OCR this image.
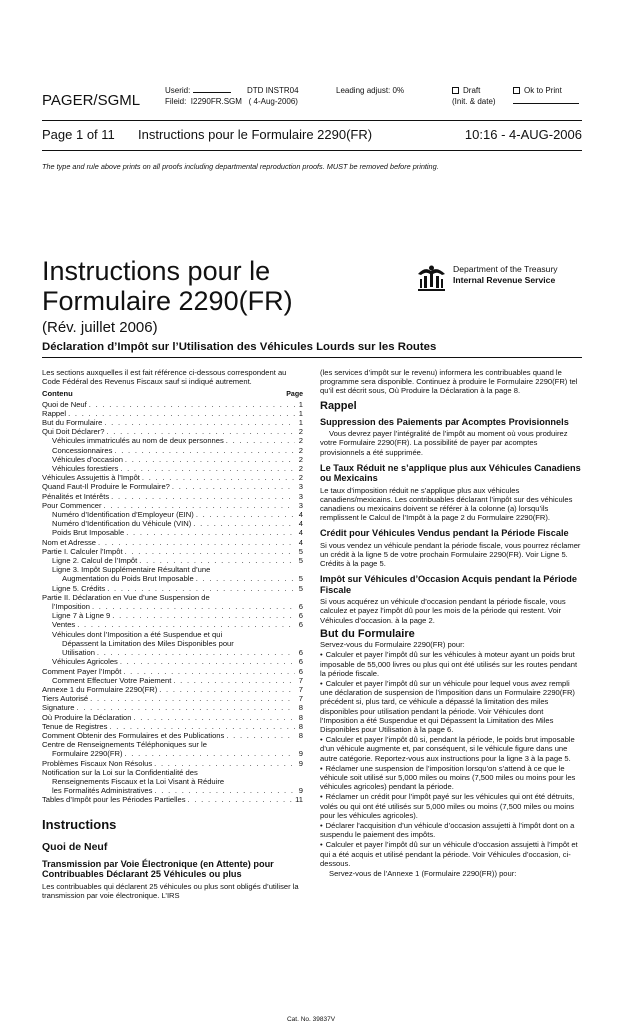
PAGER/SGML
Userid:
Fileid: I2290FR.SGM ( 4-Aug-2006)
DTD INSTR04	Leading adjust: 0%	Draft
(Init. & date)
Ok to Print
Page 1 of 11 Instructions pour le Formulaire 2290(FR)	10:16 - 4-AUG-2006
The type and rule above prints on all proofs including departmental reproduction proofs. MUST be removed before printing.
Instructions pour le
Formulaire 2290(FR)
(Rév. juillet 2006)
Déclaration d’Impôt sur l’Utilisation des Véhicules Lourds sur les Routes
Department of the Treasury
Internal Revenue Service

Les sections auxquelles il est fait référence ci-dessous correspondent au Code Fédéral des Revenus Fiscaux sauf si indiqué autrement.

Contenu	Page
Quoi de Neuf . . .	1
Rappel . . .	1
But du Formulaire . . .	1
Qui Doit Déclarer? . . .	2
Véhicules immatriculés au nom de deux personnes . . .	2
Concessionnaires . . .	2
Véhicules d’occasion . . .	2
Véhicules forestiers . . .	2
Véhicules Assujettis à l’Impôt . . .	2
Quand Faut-Il Produire le Formulaire? . . .	3
Pénalités et Intérêts . . .	3
Pour Commencer . . .	3
Numéro d’Identification d’Employeur (EIN) . . .	4
Numéro d’Identification du Véhicule (VIN) . . .	4
Poids Brut Imposable . . .	4
Nom et Adresse . . .	4
Partie I. Calculer l’Impôt . . .	5
Ligne 2. Calcul de l’Impôt . . .	5
Ligne 3. Impôt Supplémentaire Résultant d’une
Augmentation du Poids Brut Imposable . . .	5
Ligne 5. Crédits . . .	5
Partie II. Déclaration en Vue d’une Suspension de
l’Imposition . . .	6
Ligne 7 à Ligne 9 . . .	6
Ventes . . .	6
Véhicules dont l’Imposition a été Suspendue et qui
Dépassent la Limitation des Miles Disponibles pour
Utilisation . . .	6
Véhicules Agricoles . . .	6
Comment Payer l’Impôt . . .	6
Comment Effectuer Votre Paiement . . .	7
Annexe 1 du Formulaire 2290(FR) . . .	7
Tiers Autorisé . . .	7
Signature . . .	8
Où Produire la Déclaration . . .	8
Tenue de Registres . . .	8
Comment Obtenir des Formulaires et des Publications . . .	8
Centre de Renseignements Téléphoniques sur le
Formulaire 2290(FR) . . .	9
Problèmes Fiscaux Non Résolus . . .	9
Notification sur la Loi sur la Confidentialité des
Renseignements Fiscaux et la Loi Visant à Réduire
les Formalités Administratives . . .	9
Tables d’Impôt pour les Périodes Partielles . . .	11
Instructions
Quoi de Neuf
Transmission par Voie Électronique (en Attente) pour Contribuables Déclarant 25 Véhicules ou plus

Les contribuables qui déclarent 25 véhicules ou plus sont obligés d’utiliser la transmission par voie électronique. L’IRS

(les services d’impôt sur le revenu) informera les contribuables quand le programme sera disponible. Continuez à produire le Formulaire 2290(FR) tel qu’il est décrit sous, Où Produire la Déclaration à la page 8.

Rappel
Suppression des Paiements par Acomptes Provisionnels

Vous devrez payer l’intégralité de l’impôt au moment où vous produirez votre Formulaire 2290(FR). La possibilité de payer par acomptes provisionnels a été supprimée.

Le Taux Réduit ne s’applique plus aux Véhicules Canadiens ou Mexicains

Le taux d’imposition réduit ne s’applique plus aux véhicules canadiens/mexicains. Les contribuables déclarant l’impôt sur des véhicules canadiens ou mexicains doivent se référer à la colonne (a) lorsqu’ils remplissent le Calcul de l’Impôt à la page 2 du Formulaire 2290(FR).

Crédit pour Véhicules Vendus pendant la Période Fiscale

Si vous vendez un véhicule pendant la période fiscale, vous pourrez réclamer un crédit à la ligne 5 de votre prochain Formulaire 2290(FR). Voir Ligne 5. Crédits à la page 5.

Impôt sur Véhicules d’Occasion Acquis pendant la Période Fiscale

Si vous acquérez un véhicule d’occasion pendant la période fiscale, vous calculez et payez l’impôt dû pour les mois de la période qui restent. Voir Véhicules d’occasion. à la page 2.

But du Formulaire

Servez-vous du Formulaire 2290(FR) pour:

• Calculer et payer l’impôt dû sur les véhicules à moteur ayant un poids brut imposable de 55,000 livres ou plus qui ont été utilisés sur les routes pendant la période fiscale.

• Calculer et payer l’impôt dû sur un véhicule pour lequel vous avez rempli une déclaration de suspension de l’imposition dans un Formulaire 2290(FR) précédent si, plus tard, ce véhicule a dépassé la limitation des miles disponibles pour utilisation pendant la période. Voir Véhicules dont l’Imposition a été Suspendue et qui Dépassent la Limitation des Miles Disponibles pour Utilisation à la page 6.

• Calculer et payer l’impôt dû si, pendant la période, le poids brut imposable d’un véhicule augmente et, par conséquent, si le véhicule figure dans une autre catégorie. Reportez-vous aux instructions pour la ligne 3 à la page 5.

• Réclamer une suspension de l’imposition lorsqu’on s’attend à ce que le véhicule soit utilisé sur 5,000 miles ou moins (7,500 miles ou moins pour les véhicules agricoles) pendant la période.

• Réclamer un crédit pour l’impôt payé sur les véhicules qui ont été détruits, volés ou qui ont été utilisés sur 5,000 miles ou moins (7,500 miles ou moins pour les véhicules agricoles).

• Déclarer l’acquisition d’un véhicule d’occasion assujetti à l’impôt dont on a suspendu le paiement des impôts.

• Calculer et payer l’impôt dû sur un véhicule d’occasion assujetti à l’impôt et qui a été acquis et utilisé pendant la période. Voir Véhicules d’occasion, ci-dessous.

Servez-vous de l’Annexe 1 (Formulaire 2290(FR)) pour:

Cat. No. 39837V
